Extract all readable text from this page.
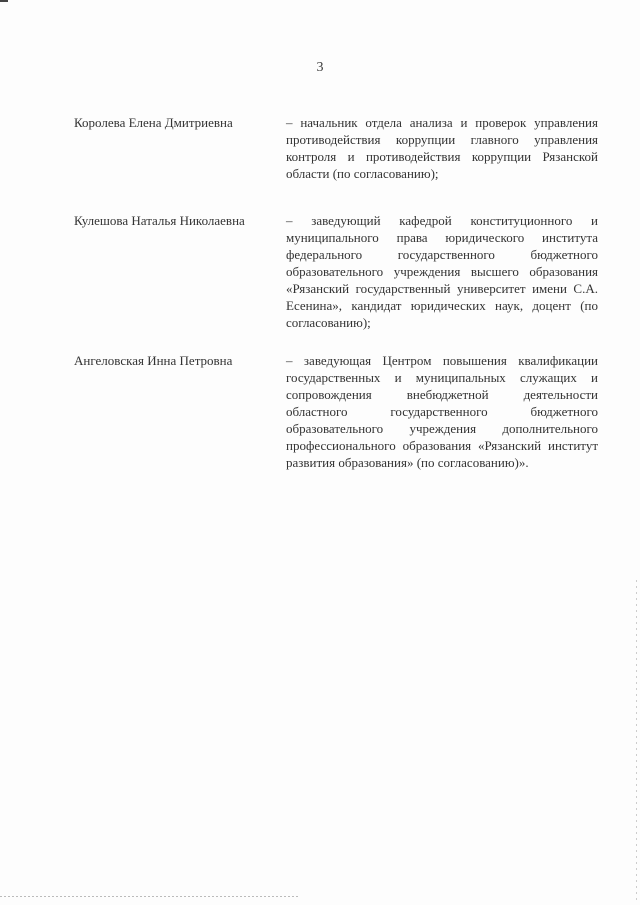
3
Королева Елена Дмитриевна	– начальник отдела анализа и проверок управления противодействия коррупции главного управления контроля и противодействия коррупции Рязанской области (по согласованию);
Кулешова Наталья Николаевна	– заведующий кафедрой конституционного и муниципального права юридического института федерального государственного бюджетного образовательного учреждения высшего образования «Рязанский государственный университет имени С.А. Есенина», кандидат юридических наук, доцент (по согласованию);
Ангеловская Инна Петровна	– заведующая Центром повышения квалификации государственных и муниципальных служащих и сопровождения внебюджетной деятельности областного государственного бюджетного образовательного учреждения дополнительного профессионального образования «Рязанский институт развития образования» (по согласованию)».
